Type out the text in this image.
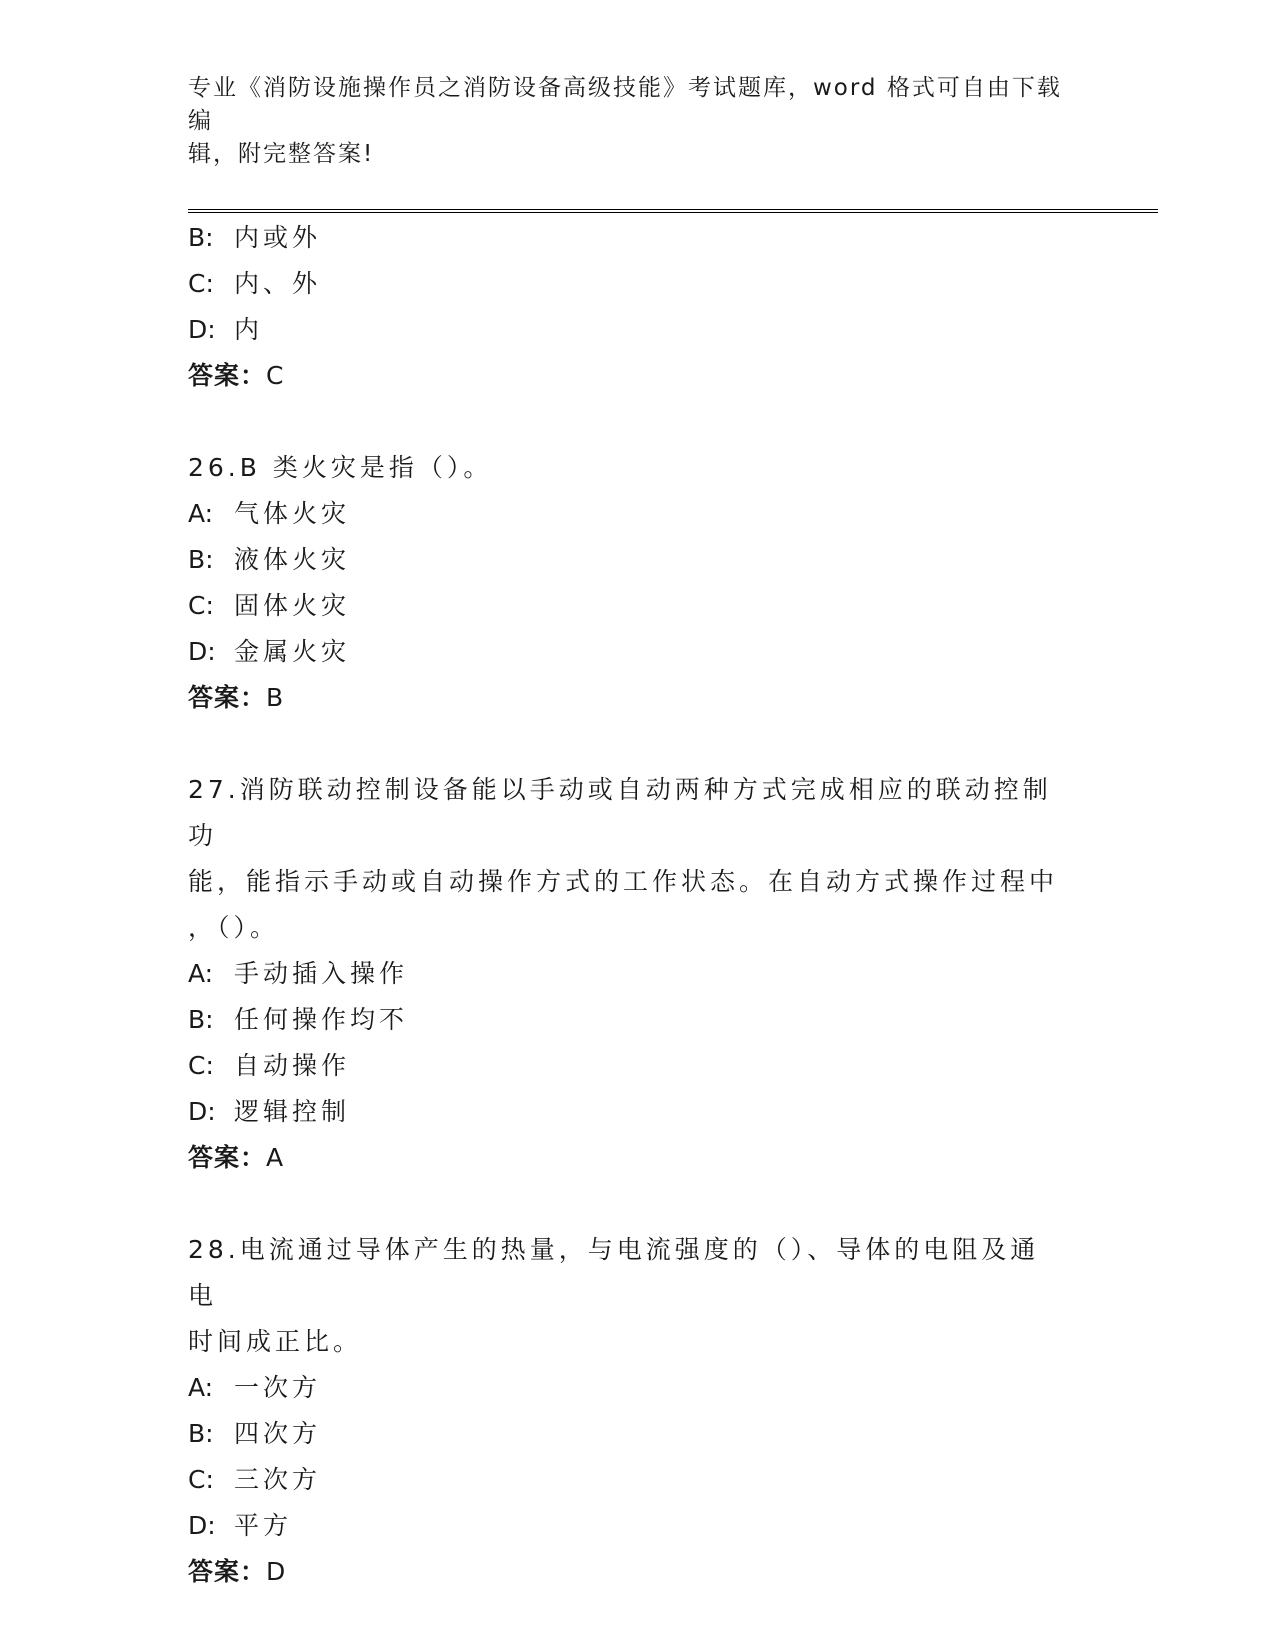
专业《消防设施操作员之消防设备高级技能》考试题库，word 格式可自由下载编
辑，附完整答案!
B: 内或外
C: 内、外
D: 内
答案：C
26.B 类火灾是指（）。
A: 气体火灾
B: 液体火灾
C: 固体火灾
D: 金属火灾
答案：B
27.消防联动控制设备能以手动或自动两种方式完成相应的联动控制功
能，能指示手动或自动操作方式的工作状态。在自动方式操作过程中
，（）。
A: 手动插入操作
B: 任何操作均不
C: 自动操作
D: 逻辑控制
答案：A
28.电流通过导体产生的热量，与电流强度的（）、导体的电阻及通电
时间成正比。
A: 一次方
B: 四次方
C: 三次方
D: 平方
答案：D
